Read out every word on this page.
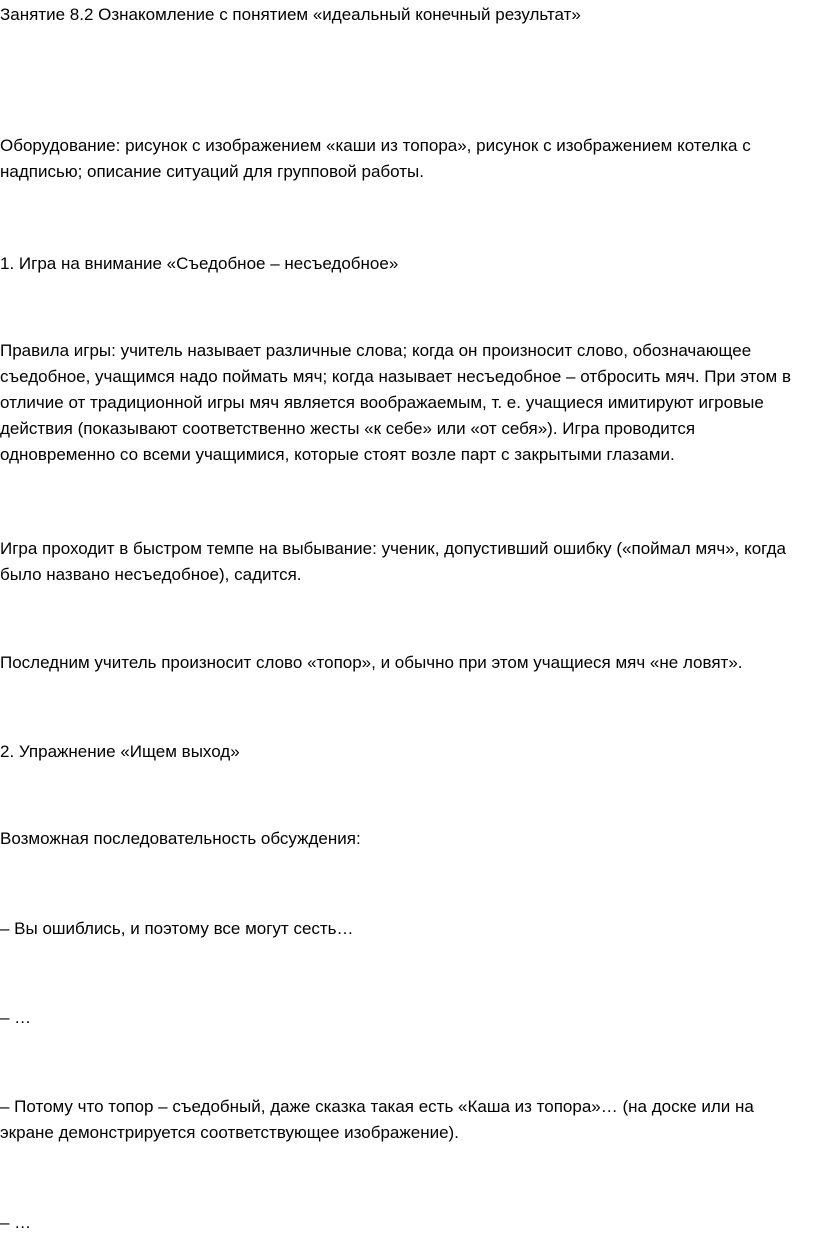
Занятие 8.2 Ознакомление с понятием «идеальный конечный результат»

Оборудование: рисунок с изображением «каши из топора», рисунок с изображением котелка с надписью; описание ситуаций для групповой работы.

1. Игра на внимание «Съедобное – несъедобное»

Правила игры: учитель называет различные слова; когда он произносит слово, обозначающее съедобное, учащимся надо поймать мяч; когда называет несъедобное – отбросить мяч. При этом в отличие от традиционной игры мяч является воображаемым, т. е. учащиеся имитируют игровые действия (показывают соответственно жесты «к себе» или «от себя»). Игра проводится одновременно со всеми учащимися, которые стоят возле парт с закрытыми глазами.

Игра проходит в быстром темпе на выбывание: ученик, допустивший ошибку («поймал мяч», когда было названо несъедобное), садится.

Последним учитель произносит слово «топор», и обычно при этом учащиеся мяч «не ловят».

2. Упражнение «Ищем выход»

Возможная последовательность обсуждения:

– Вы ошиблись, и поэтому все могут сесть…

– …

– Потому что топор – съедобный, даже сказка такая есть «Каша из топора»… (на доске или на экране демонстрируется соответствующее изображение).

– …
